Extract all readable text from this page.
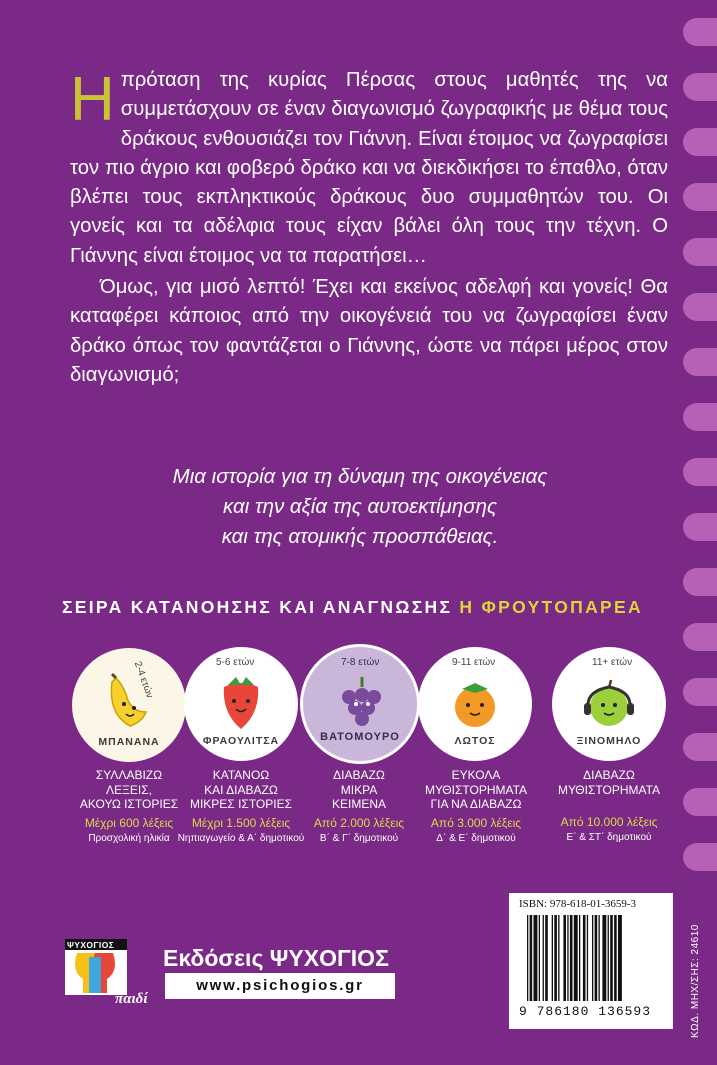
Η πρόταση της κυρίας Πέρσας στους μαθητές της να συμμετάσχουν σε έναν διαγωνισμό ζωγραφικής με θέμα τους δράκους ενθουσιάζει τον Γιάννη. Είναι έτοιμος να ζωγραφίσει τον πιο άγριο και φοβερό δράκο και να διεκδικήσει το έπαθλο, όταν βλέπει τους εκπληκτικούς δράκους δυο συμμαθητών του. Οι γονείς και τα αδέλφια τους είχαν βάλει όλη τους την τέχνη. Ο Γιάννης είναι έτοιμος να τα παρατήσει…

Όμως, για μισό λεπτό! Έχει και εκείνος αδελφή και γονείς! Θα καταφέρει κάποιος από την οικογένειά του να ζωγραφίσει έναν δράκο όπως τον φαντάζεται ο Γιάννης, ώστε να πάρει μέρος στον διαγωνισμό;

Μια ιστορία για τη δύναμη της οικογένειας
και την αξία της αυτοεκτίμησης
και της ατομικής προσπάθειας.
ΣΕΙΡΑ ΚΑΤΑΝΟΗΣΗΣ ΚΑΙ ΑΝΑΓΝΩΣΗΣ Η ΦΡΟΥΤΟΠΑΡΕΑ
2-4 ετών
ΜΠΑΝΑΝΑ
5-6 ετών
ΦΡΑΟΥΛΙΤΣΑ
7-8 ετών
ΒΑΤΟΜΟΥΡΟ
9-11 ετών
ΛΩΤΟΣ
11+ ετών
ΞΙΝΟΜΗΛΟ
ΣΥΛΛΑΒΙΖΩ
ΛΕΞΕΙΣ,
ΑΚΟΥΩ ΙΣΤΟΡΙΕΣ
Μέχρι 600 λέξεις
Προσχολική ηλικία
ΚΑΤΑΝΟΩ
ΚΑΙ ΔΙΑΒΑΖΩ
ΜΙΚΡΕΣ ΙΣΤΟΡΙΕΣ
Μέχρι 1.500 λέξεις
Νηπιαγωγείο & Α΄ δημοτικού
ΔΙΑΒΑΖΩ
ΜΙΚΡΑ
ΚΕΙΜΕΝΑ
Από 2.000 λέξεις
Β΄ & Γ΄ δημοτικού
ΕΥΚΟΛΑ
ΜΥΘΙΣΤΟΡΗΜΑΤΑ
ΓΙΑ ΝΑ ΔΙΑΒΑΖΩ
Από 3.000 λέξεις
Δ΄ & Ε΄ δημοτικού
ΔΙΑΒΑΖΩ
ΜΥΘΙΣΤΟΡΗΜΑΤΑ
Από 10.000 λέξεις
Ε΄ & ΣΤ΄ δημοτικού
ISBN: 978-618-01-3659-3
9 786180 136593	ΚΩΔ. ΜΗΧ/ΣΗΣ: 24610
παιδί
ΨΥΧΟΓΙΟΣ Εκδόσεις ΨΥΧΟΓΙΟΣ
www.psichogios.gr
